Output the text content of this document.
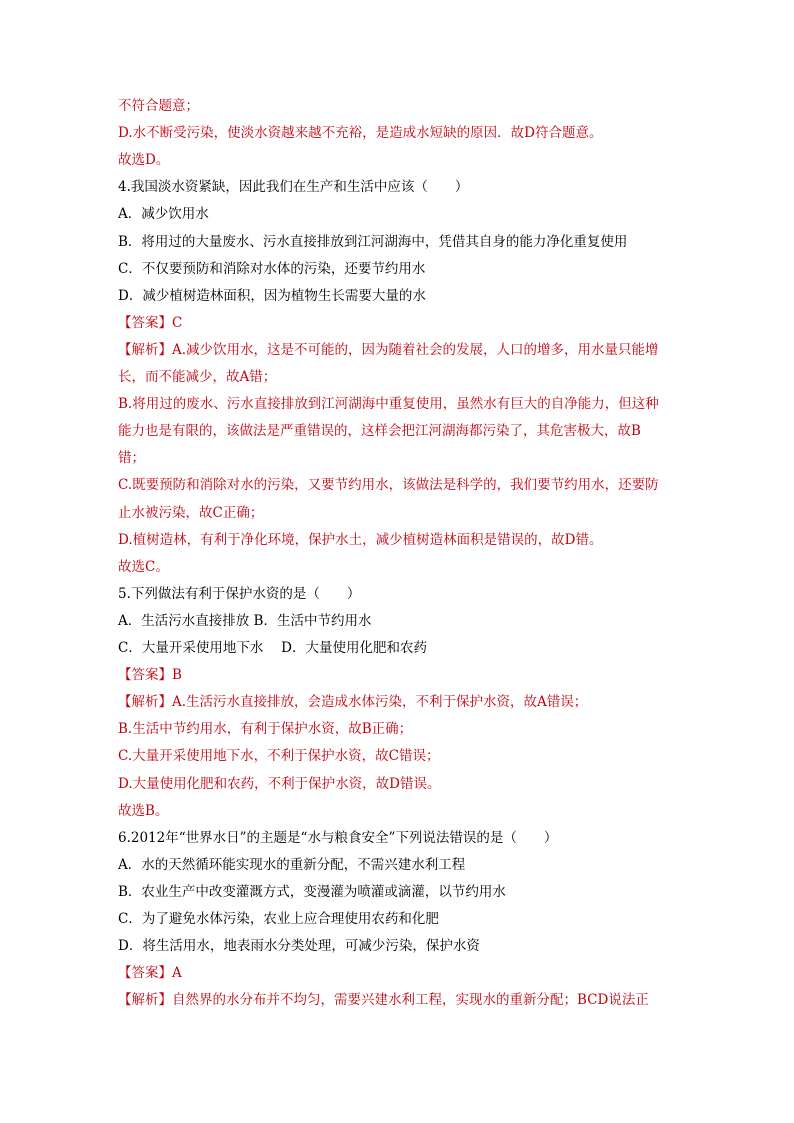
不符合题意；
D.水不断受污染，使淡水资越来越不充裕，是造成水短缺的原因．故D符合题意。
故选D。
4.我国淡水资紧缺，因此我们在生产和生活中应该（　　）
A．减少饮用水
B．将用过的大量废水、污水直接排放到江河湖海中，凭借其自身的能力净化重复使用
C．不仅要预防和消除对水体的污染，还要节约用水
D．减少植树造林面积，因为植物生长需要大量的水
【答案】C
【解析】A.减少饮用水，这是不可能的，因为随着社会的发展，人口的增多，用水量只能增
长，而不能减少，故A错；
B.将用过的废水、污水直接排放到江河湖海中重复使用，虽然水有巨大的自净能力，但这种
能力也是有限的，该做法是严重错误的，这样会把江河湖海都污染了，其危害极大，故B
错；
C.既要预防和消除对水的污染，又要节约用水，该做法是科学的，我们要节约用水，还要防
止水被污染，故C正确；
D.植树造林，有利于净化环境，保护水土，减少植树造林面积是错误的，故D错。
故选C。
5.下列做法有利于保护水资的是（　　）
A．生活污水直接排放 B．生活中节约用水
C．大量开采使用地下水　 D．大量使用化肥和农药
【答案】B
【解析】A.生活污水直接排放，会造成水体污染，不利于保护水资，故A错误；
B.生活中节约用水，有利于保护水资，故B正确；
C.大量开采使用地下水，不利于保护水资，故C错误；
D.大量使用化肥和农药，不利于保护水资，故D错误。
故选B。
6.2012年“世界水日”的主题是“水与粮食安全”下列说法错误的是（　　）
A．水的天然循环能实现水的重新分配，不需兴建水利工程
B．农业生产中改变灌溉方式，变漫灌为喷灌或滴灌，以节约用水
C．为了避免水体污染，农业上应合理使用农药和化肥
D．将生活用水，地表雨水分类处理，可减少污染，保护水资
【答案】A
【解析】自然界的水分布并不均匀，需要兴建水利工程，实现水的重新分配；BCD说法正
